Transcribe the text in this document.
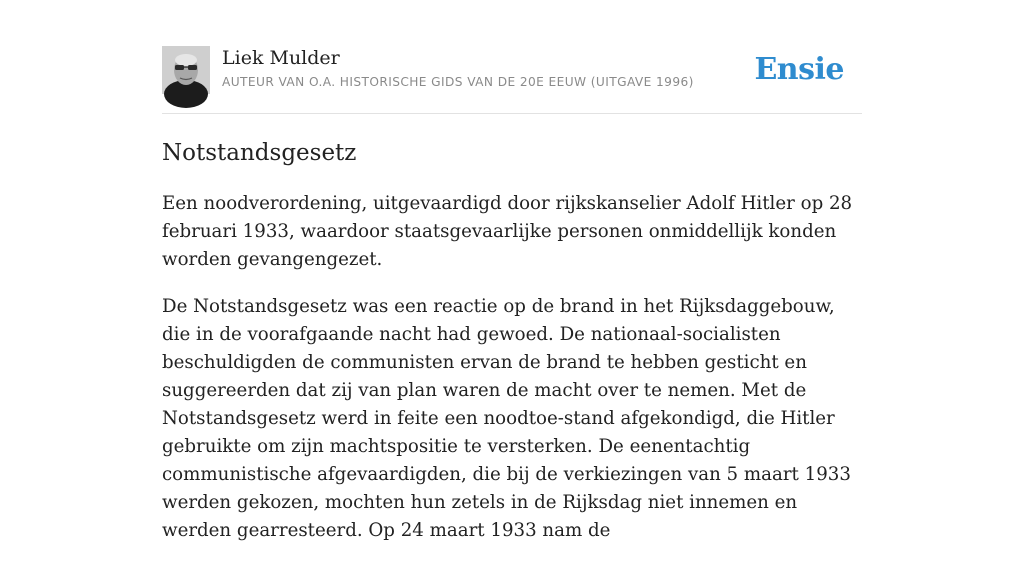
Liek Mulder
AUTEUR VAN O.A. HISTORISCHE GIDS VAN DE 20E EEUW (UITGAVE 1996) Ensie
Notstandsgesetz

Een noodverordening, uitgevaardigd door rijkskanselier Adolf Hitler op 28 februari 1933, waardoor staatsgevaarlijke personen onmiddellijk konden worden gevangengezet.

De Notstandsgesetz was een reactie op de brand in het Rijksdaggebouw, die in de voorafgaande nacht had gewoed. De nationaal-socialisten beschuldigden de communisten ervan de brand te hebben gesticht en suggereerden dat zij van plan waren de macht over te nemen. Met de Notstandsgesetz werd in feite een noodtoe-stand afgekondigd, die Hitler gebruikte om zijn machtspositie te versterken. De eenentachtig communistische afgevaardigden, die bij de verkiezingen van 5 maart 1933 werden gekozen, mochten hun zetels in de Rijksdag niet innemen en werden gearresteerd. Op 24 maart 1933 nam de
